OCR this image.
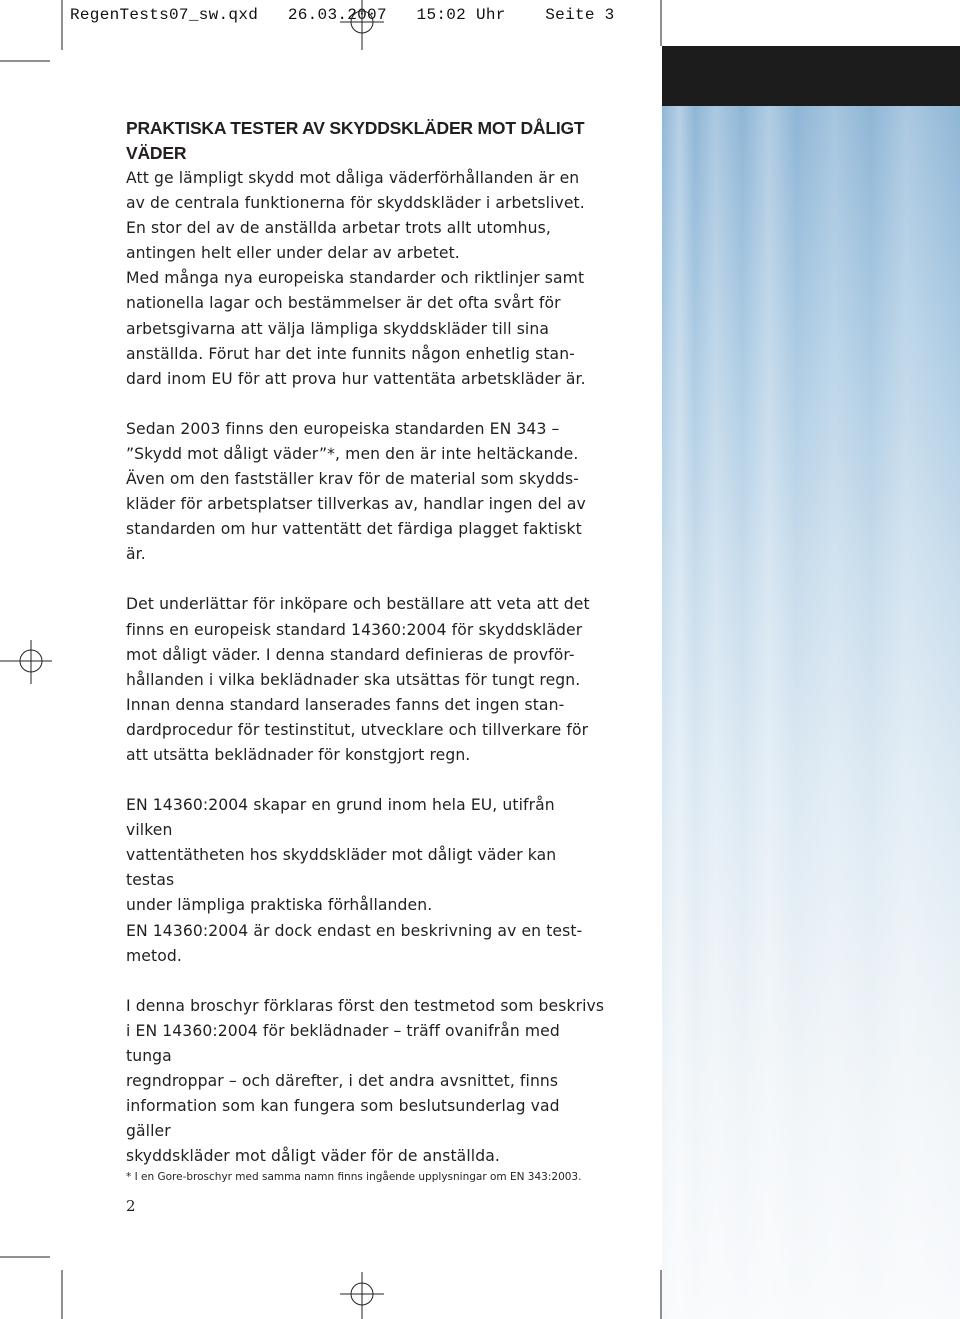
RegenTests07_sw.qxd   26.03.2007   15:02 Uhr    Seite 3
PRAKTISKA TESTER AV SKYDDSKLÄDER MOT DÅLIGT VÄDER

Att ge lämpligt skydd mot dåliga väderförhållanden är en
av de centrala funktionerna för skyddskläder i arbetslivet.
En stor del av de anställda arbetar trots allt utomhus,
antingen helt eller under delar av arbetet.
Med många nya europeiska standarder och riktlinjer samt
nationella lagar och bestämmelser är det ofta svårt för
arbetsgivarna att välja lämpliga skyddskläder till sina
anställda. Förut har det inte funnits någon enhetlig stan-
dard inom EU för att prova hur vattentäta arbetskläder är.

Sedan 2003 finns den europeiska standarden EN 343 –
”Skydd mot dåligt väder”*, men den är inte heltäckande.
Även om den fastställer krav för de material som skydds-
kläder för arbetsplatser tillverkas av, handlar ingen del av
standarden om hur vattentätt det färdiga plagget faktiskt är.

Det underlättar för inköpare och beställare att veta att det
finns en europeisk standard 14360:2004 för skyddskläder
mot dåligt väder. I denna standard definieras de provför-
hållanden i vilka beklädnader ska utsättas för tungt regn.
Innan denna standard lanserades fanns det ingen stan-
dardprocedur för testinstitut, utvecklare och tillverkare för
att utsätta beklädnader för konstgjort regn.

EN 14360:2004 skapar en grund inom hela EU, utifrån vilken
vattentätheten hos skyddskläder mot dåligt väder kan testas
under lämpliga praktiska förhållanden.
EN 14360:2004 är dock endast en beskrivning av en test-
metod.

I denna broschyr förklaras först den testmetod som beskrivs
i EN 14360:2004 för beklädnader – träff ovanifrån med tunga
regndroppar – och därefter, i det andra avsnittet, finns
information som kan fungera som beslutsunderlag vad gäller
skyddskläder mot dåligt väder för de anställda.

* I en Gore-broschyr med samma namn finns ingående upplysningar om EN 343:2003.
2
